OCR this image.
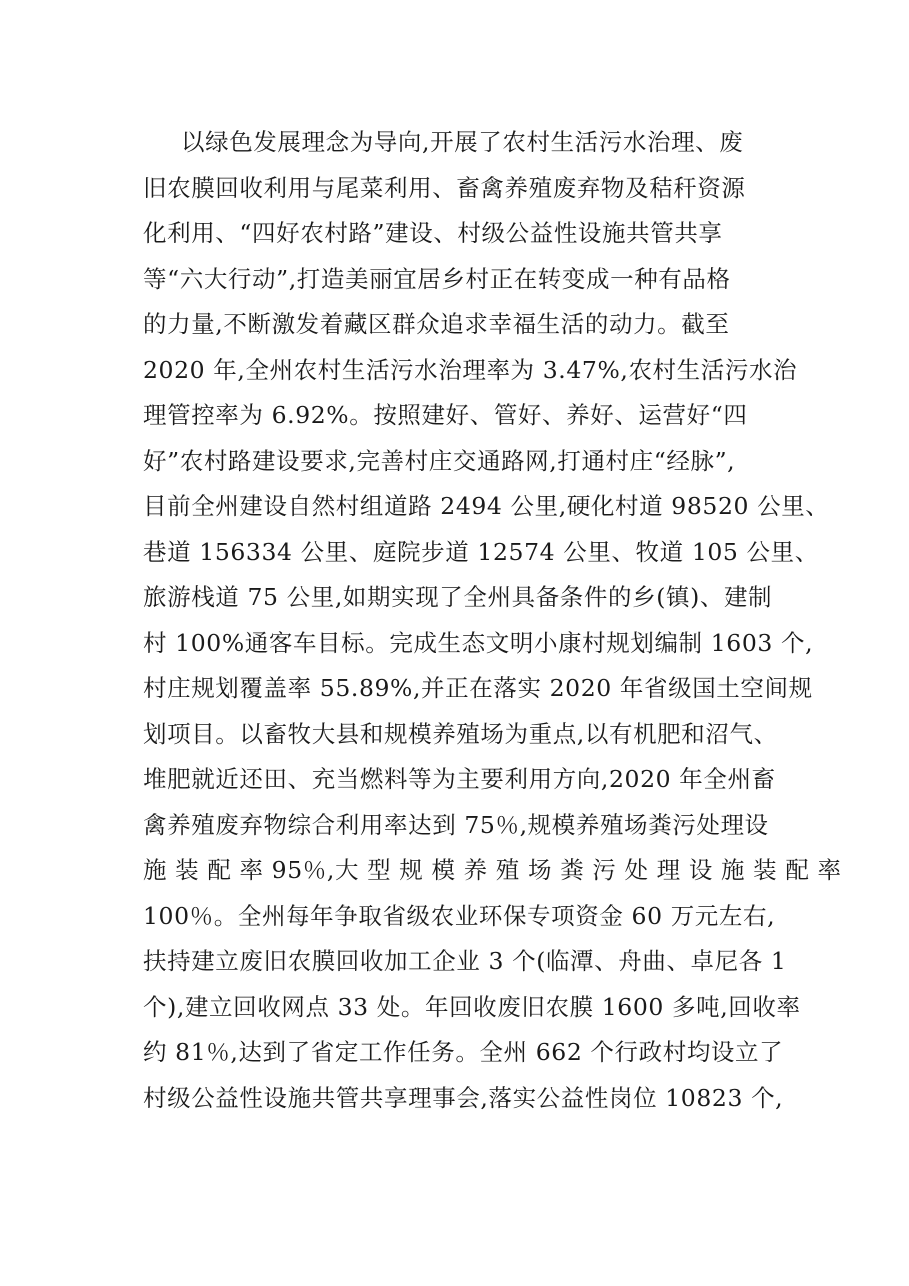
以绿色发展理念为导向,开展了农村生活污水治理、废
旧农膜回收利用与尾菜利用、畜禽养殖废弃物及秸秆资源
化利用、“四好农村路”建设、村级公益性设施共管共享
等“六大行动”,打造美丽宜居乡村正在转变成一种有品格
的力量,不断激发着藏区群众追求幸福生活的动力。截至
2020 年,全州农村生活污水治理率为 3.47%,农村生活污水治
理管控率为 6.92%。按照建好、管好、养好、运营好“四
好”农村路建设要求,完善村庄交通路网,打通村庄“经脉”,
目前全州建设自然村组道路 2494 公里,硬化村道 98520 公里、
巷道 156334 公里、庭院步道 12574 公里、牧道 105 公里、
旅游栈道 75 公里,如期实现了全州具备条件的乡(镇)、建制
村 100%通客车目标。完成生态文明小康村规划编制 1603 个,
村庄规划覆盖率 55.89%,并正在落实 2020 年省级国土空间规
划项目。以畜牧大县和规模养殖场为重点,以有机肥和沼气、
堆肥就近还田、充当燃料等为主要利用方向,2020 年全州畜
禽养殖废弃物综合利用率达到 75％,规模养殖场粪污处理设
施 装 配 率 95％,大 型 规 模 养 殖 场 粪 污 处 理 设 施 装 配 率
100％。全州每年争取省级农业环保专项资金 60 万元左右,
扶持建立废旧农膜回收加工企业 3 个(临潭、舟曲、卓尼各 1
个),建立回收网点 33 处。年回收废旧农膜 1600 多吨,回收率
约 81％,达到了省定工作任务。全州 662 个行政村均设立了
村级公益性设施共管共享理事会,落实公益性岗位 10823 个,
